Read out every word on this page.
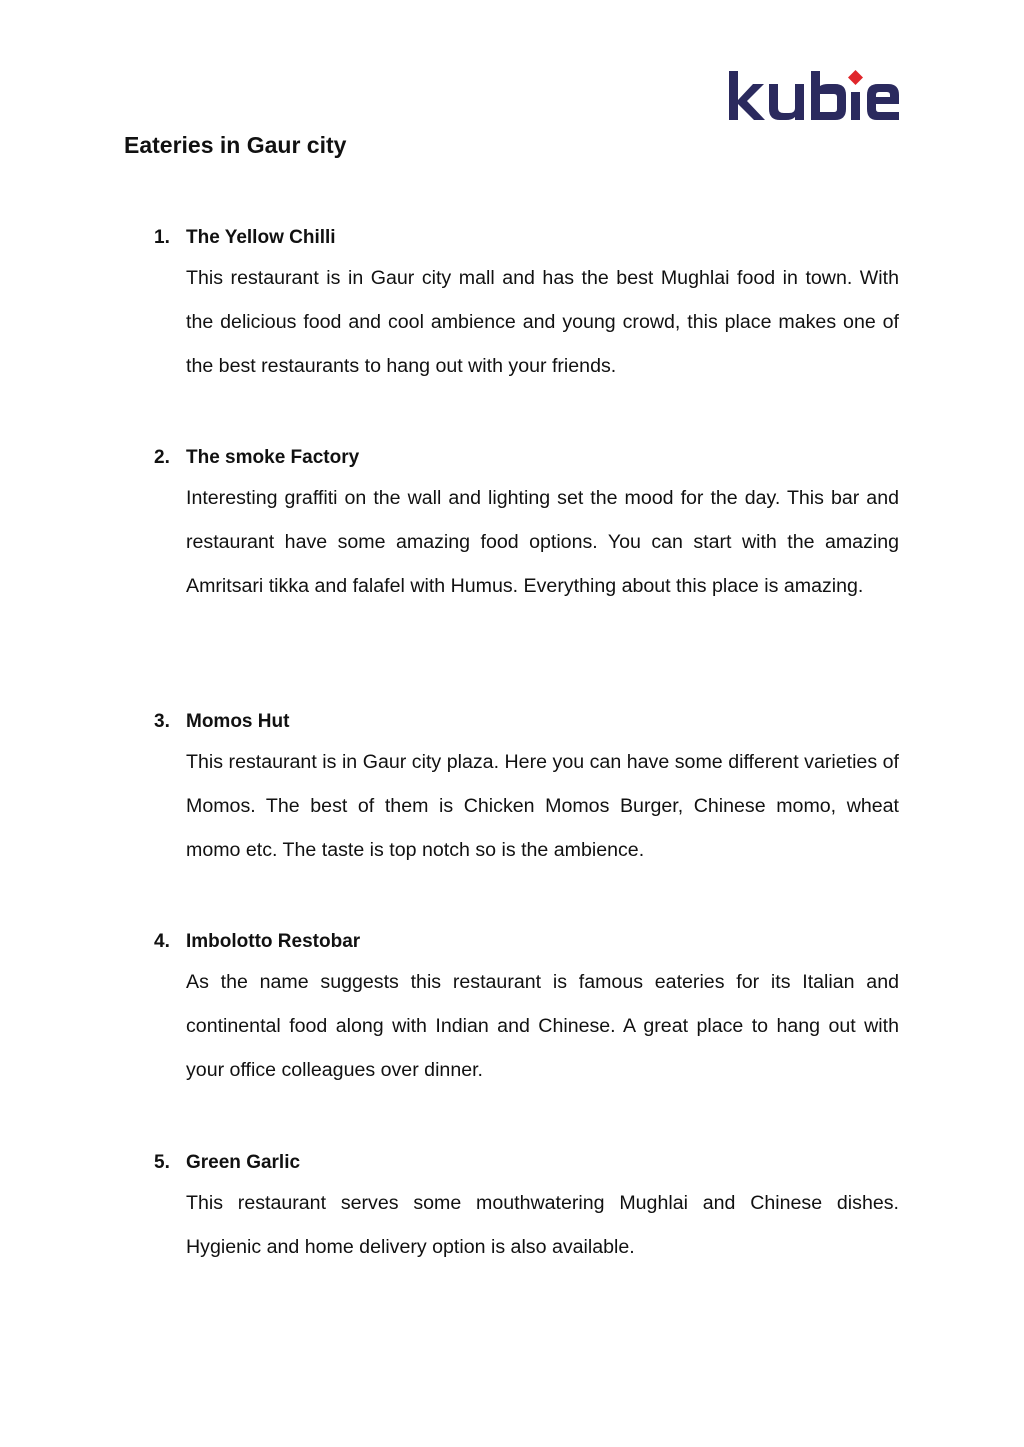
Eateries in Gaur city
1. The Yellow Chilli

This restaurant is in Gaur city mall and has the best Mughlai food in town. With the delicious food and cool ambience and young crowd, this place makes one of the best restaurants to hang out with your friends.

2. The smoke Factory

Interesting graffiti on the wall and lighting set the mood for the day. This bar and restaurant have some amazing food options. You can start with the amazing Amritsari tikka and falafel with Humus. Everything about this place is amazing.

3. Momos Hut

This restaurant is in Gaur city plaza. Here you can have some different varieties of Momos. The best of them is Chicken Momos Burger, Chinese momo, wheat momo etc. The taste is top notch so is the ambience.

4. Imbolotto Restobar

As the name suggests this restaurant is famous eateries for its Italian and continental food along with Indian and Chinese. A great place to hang out with your office colleagues over dinner.

5. Green Garlic

This restaurant serves some mouthwatering Mughlai and Chinese dishes. Hygienic and home delivery option is also available.
